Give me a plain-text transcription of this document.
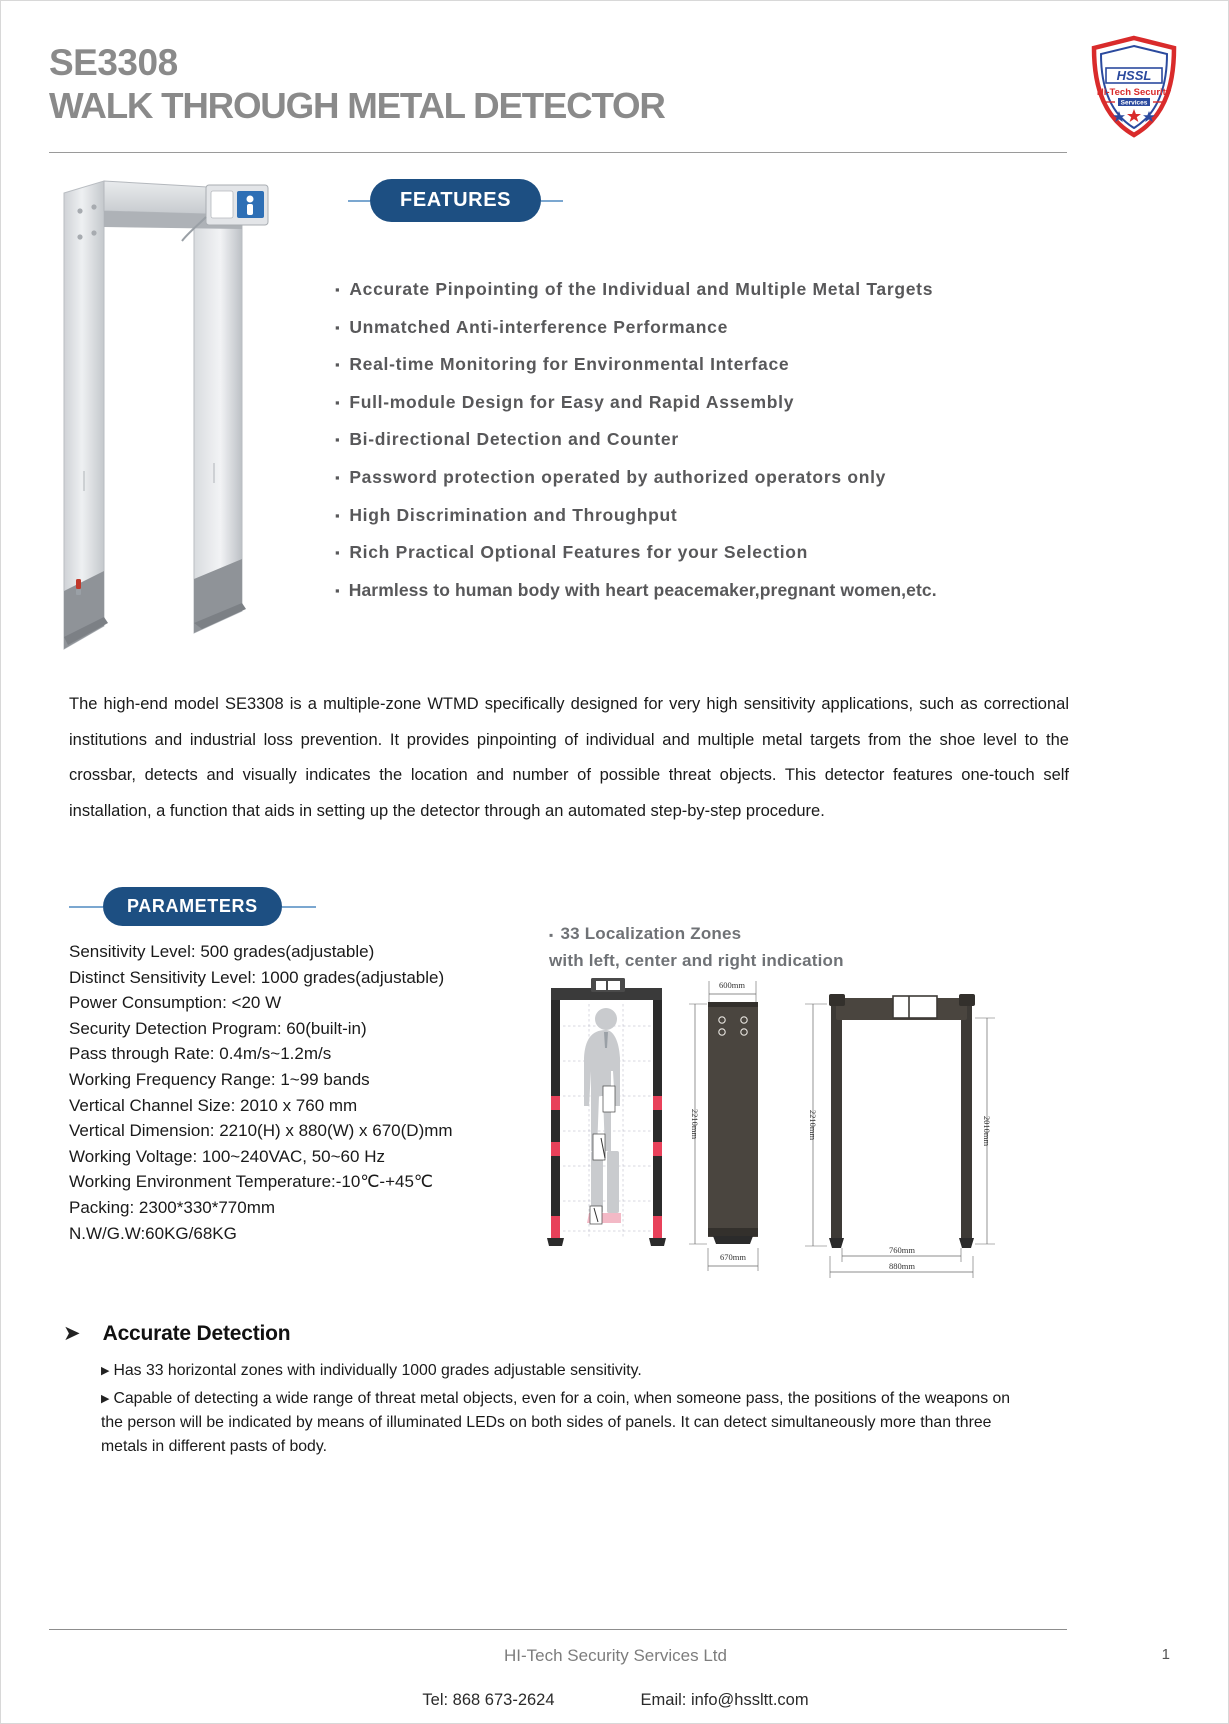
SE3308
WALK THROUGH METAL DETECTOR
HSSL
Hi-Tech Security
Services
FEATURES
▪ Accurate Pinpointing of the Individual and Multiple Metal Targets
▪ Unmatched Anti-interference Performance
▪ Real-time Monitoring for Environmental Interface
▪ Full-module Design for Easy and Rapid Assembly
▪ Bi-directional Detection and Counter
▪ Password protection operated by authorized operators only
▪ High Discrimination and Throughput
▪ Rich Practical Optional Features for your Selection
▪ Harmless to human body with heart peacemaker,pregnant women,etc.
The high-end model SE3308 is a multiple-zone WTMD specifically designed for very high sensitivity applications, such as correctional institutions and industrial loss prevention. It provides pinpointing of individual and multiple metal targets from the shoe level to the crossbar, detects and visually indicates the location and number of possible threat objects. This detector features one-touch self installation, a function that aids in setting up the detector through an automated step-by-step procedure.
PARAMETERS
Sensitivity Level: 500 grades(adjustable)
Distinct Sensitivity Level: 1000 grades(adjustable)
Power Consumption: <20 W
Security Detection Program: 60(built-in)
Pass through Rate: 0.4m/s~1.2m/s
Working Frequency Range: 1~99 bands
Vertical Channel Size: 2010 x 760 mm
Vertical Dimension: 2210(H) x 880(W) x 670(D)mm
Working Voltage: 100~240VAC, 50~60 Hz
Working Environment Temperature:-10℃-+45℃
Packing: 2300*330*770mm
N.W/G.W:60KG/68KG
▪ 33 Localization Zones
with left, center and right indication
600mm
2210mm
670mm
2210mm	2010mm
760mm
880mm
➤ Accurate Detection

▶ Has 33 horizontal zones with individually 1000 grades adjustable sensitivity.

▶ Capable of detecting a wide range of threat metal objects, even for a coin, when someone pass, the positions of the weapons on the person will be indicated by means of illuminated LEDs on both sides of panels. It can detect simultaneously more than three metals in different pasts of body.

HI-Tech Security Services Ltd	1
Tel: 868 673-2624	Email: info@hssltt.com
